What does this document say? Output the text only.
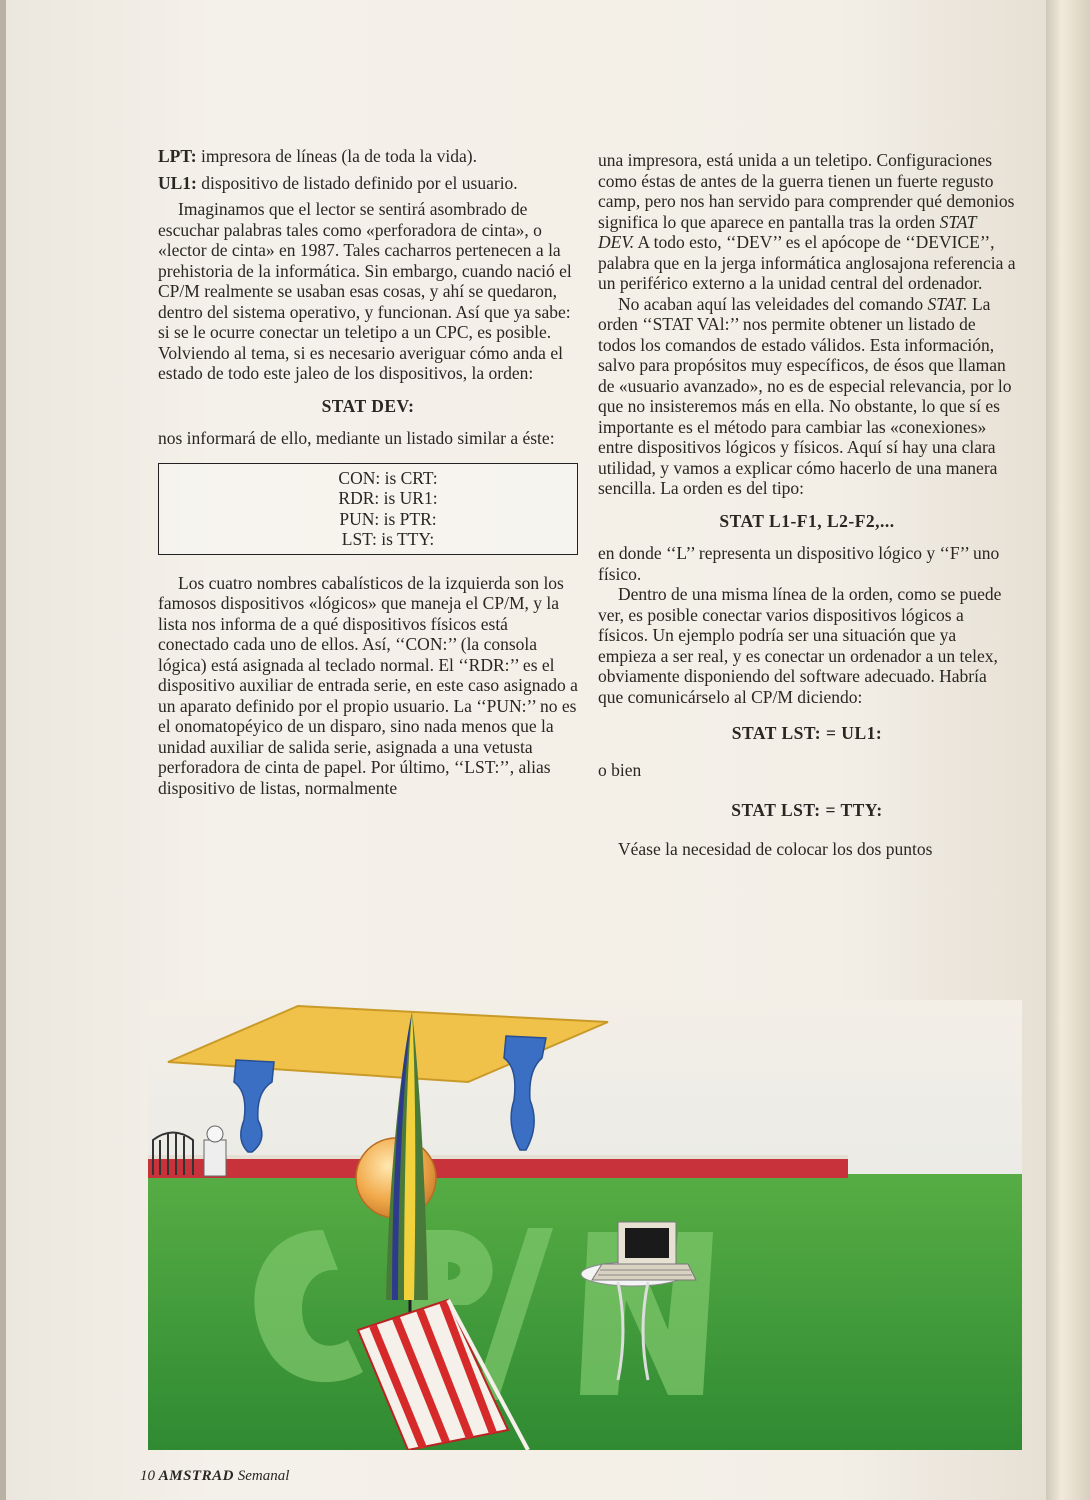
LPT: impresora de líneas (la de toda la vida).

UL1: dispositivo de listado definido por el usuario.

Imaginamos que el lector se sentirá asombrado de escuchar palabras tales como «perforadora de cinta», o «lector de cinta» en 1987. Tales cacharros pertenecen a la prehistoria de la informática. Sin embargo, cuando nació el CP/M realmente se usaban esas cosas, y ahí se quedaron, dentro del sistema operativo, y funcionan. Así que ya sabe: si se le ocurre conectar un teletipo a un CPC, es posible. Volviendo al tema, si es necesario averiguar cómo anda el estado de todo este jaleo de los dispositivos, la orden:

STAT DEV:

nos informará de ello, mediante un listado similar a éste:

CON: is CRT:
RDR: is UR1:
PUN: is PTR:
LST: is TTY:

Los cuatro nombres cabalísticos de la izquierda son los famosos dispositivos «lógicos» que maneja el CP/M, y la lista nos informa de a qué dispositivos físicos está conectado cada uno de ellos. Así, ‘‘CON:’’ (la consola lógica) está asignada al teclado normal. El ‘‘RDR:’’ es el dispositivo auxiliar de entrada serie, en este caso asignado a un aparato definido por el propio usuario. La ‘‘PUN:’’ no es el onomatopéyico de un disparo, sino nada menos que la unidad auxiliar de salida serie, asignada a una vetusta perforadora de cinta de papel. Por último, ‘‘LST:’’, alias dispositivo de listas, normalmente

una impresora, está unida a un teletipo. Configuraciones como éstas de antes de la guerra tienen un fuerte regusto camp, pero nos han servido para comprender qué demonios significa lo que aparece en pantalla tras la orden STAT DEV. A todo esto, ‘‘DEV’’ es el apócope de ‘‘DEVICE’’, palabra que en la jerga informática anglosajona referencia a un periférico externo a la unidad central del ordenador.

No acaban aquí las veleidades del comando STAT. La orden ‘‘STAT VAl:’’ nos permite obtener un listado de todos los comandos de estado válidos. Esta información, salvo para propósitos muy específicos, de ésos que llaman de «usuario avanzado», no es de especial relevancia, por lo que no insisteremos más en ella. No obstante, lo que sí es importante es el método para cambiar las «conexiones» entre dispositivos lógicos y físicos. Aquí sí hay una clara utilidad, y vamos a explicar cómo hacerlo de una manera sencilla. La orden es del tipo:

STAT L1-F1, L2-F2,...

en donde ‘‘L’’ representa un dispositivo lógico y ‘‘F’’ uno físico.

Dentro de una misma línea de la orden, como se puede ver, es posible conectar varios dispositivos lógicos a físicos. Un ejemplo podría ser una situación que ya empieza a ser real, y es conectar un ordenador a un telex, obviamente disponiendo del software adecuado. Habría que comunicárselo al CP/M diciendo:

STAT LST: = UL1:

o bien

STAT LST: = TTY:

Véase la necesidad de colocar los dos puntos

10 AMSTRAD Semanal
